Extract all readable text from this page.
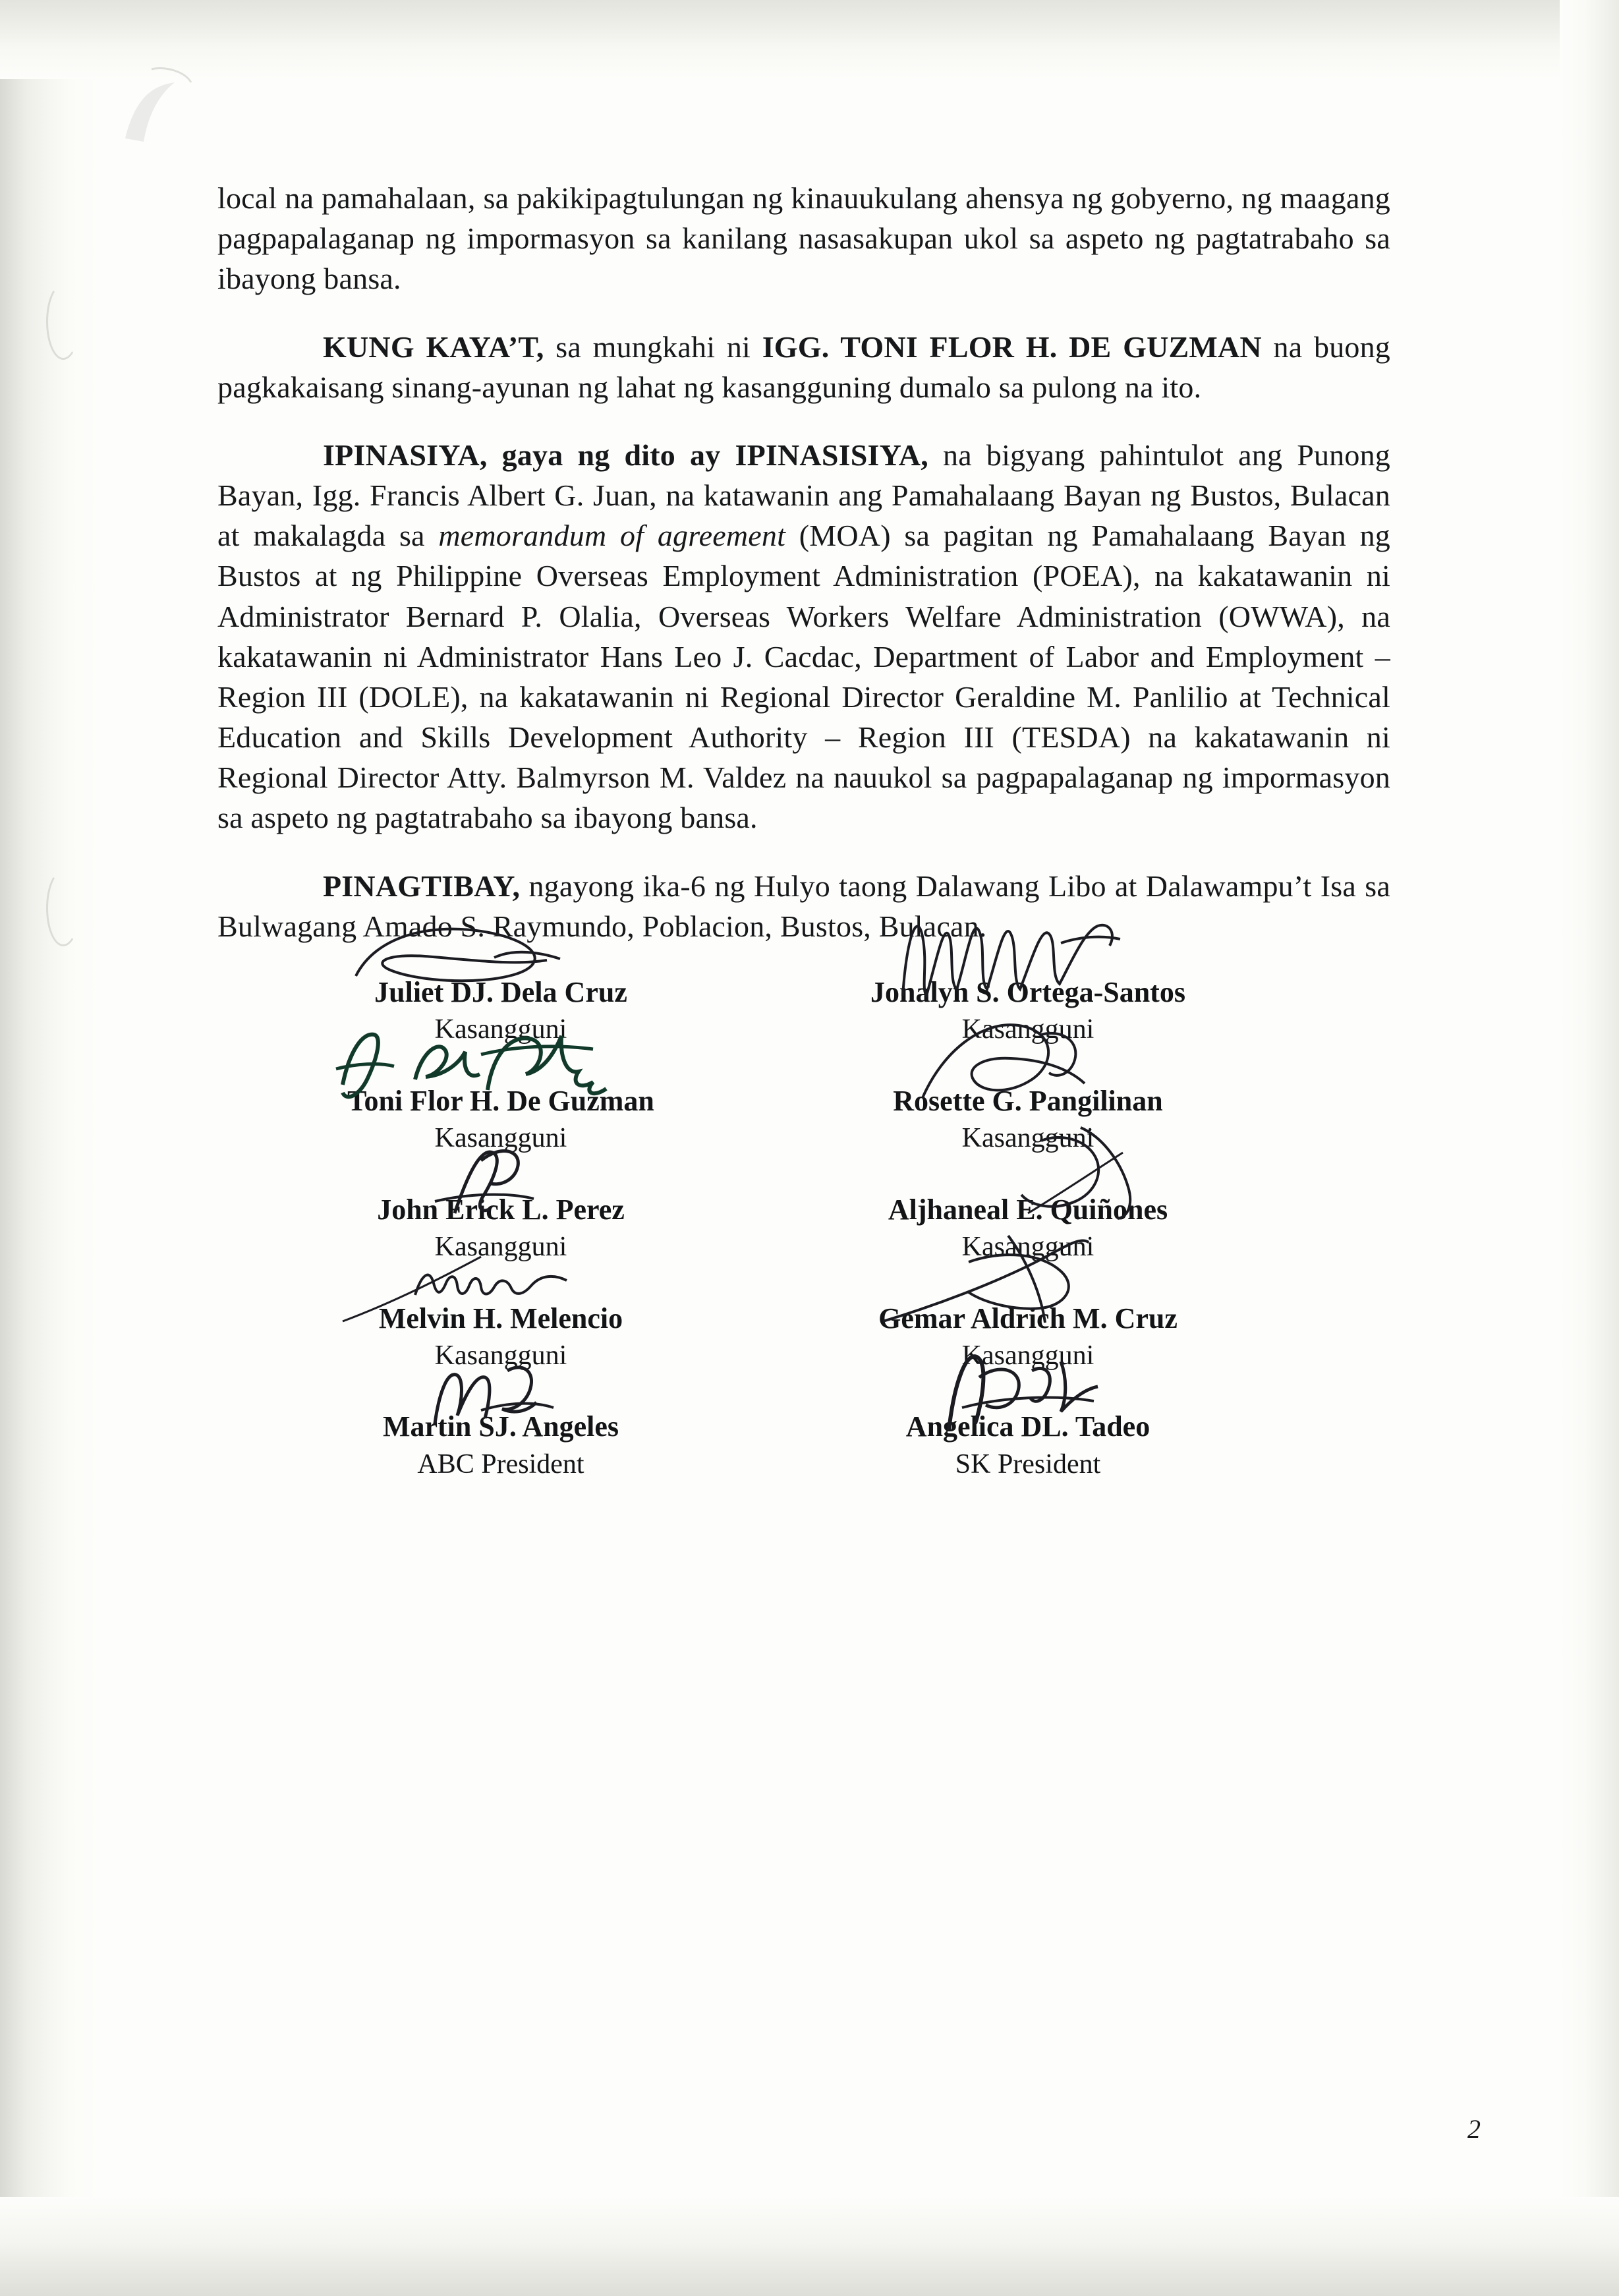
local na pamahalaan, sa pakikipagtulungan ng kinauukulang ahensya ng gobyerno, ng maagang pagpapalaganap ng impormasyon sa kanilang nasasakupan ukol sa aspeto ng pagtatrabaho sa ibayong bansa.

KUNG KAYA’T, sa mungkahi ni IGG. TONI FLOR H. DE GUZMAN na buong pagkakaisang sinang-ayunan ng lahat ng kasangguning dumalo sa pulong na ito.

IPINASIYA, gaya ng dito ay IPINASISIYA, na bigyang pahintulot ang Punong Bayan, Igg. Francis Albert G. Juan, na katawanin ang Pamahalaang Bayan ng Bustos, Bulacan at makalagda sa memorandum of agreement (MOA) sa pagitan ng Pamahalaang Bayan ng Bustos at ng Philippine Overseas Employment Administration (POEA), na kakatawanin ni Administrator Bernard P. Olalia, Overseas Workers Welfare Administration (OWWA), na kakatawanin ni Administrator Hans Leo J. Cacdac, Department of Labor and Employment – Region III (DOLE), na kakatawanin ni Regional Director Geraldine M. Panlilio at Technical Education and Skills Development Authority – Region III (TESDA) na kakatawanin ni Regional Director Atty. Balmyrson M. Valdez na nauukol sa pagpapalaganap ng impormasyon sa aspeto ng pagtatrabaho sa ibayong bansa.

PINAGTIBAY, ngayong ika-6 ng Hulyo taong Dalawang Libo at Dalawampu’t Isa sa Bulwagang Amado S. Raymundo, Poblacion, Bustos, Bulacan.

Juliet DJ. Dela Cruz
Kasangguni
Toni Flor H. De Guzman
Kasangguni
John Erick L. Perez
Kasangguni
Melvin H. Melencio
Kasangguni
Martin SJ. Angeles
ABC President
Jonalyn S. Ortega-Santos
Kasangguni
Rosette G. Pangilinan
Kasangguni
Aljhaneal E. Quiñones
Kasangguni
Gemar Aldrich M. Cruz
Kasangguni
Angelica DL. Tadeo
SK President
2
